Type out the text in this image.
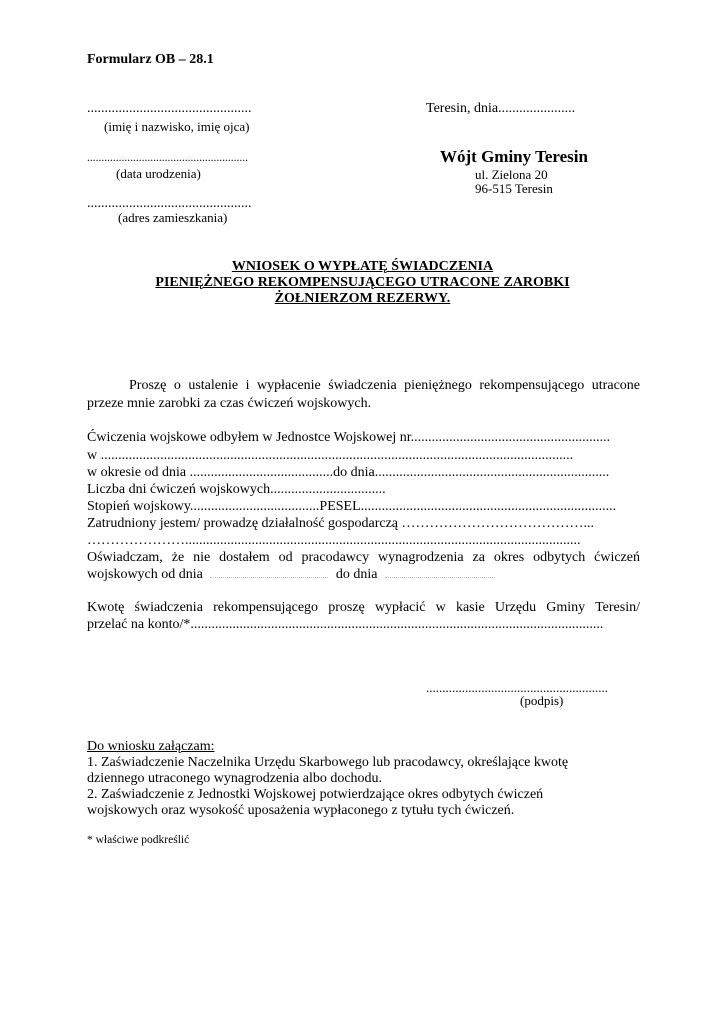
Formularz OB – 28.1
...............................................
(imię i nazwisko, imię ojca)
........................................................
(data urodzenia)
...............................................
(adres zamieszkania)
Teresin, dnia......................
Wójt Gminy Teresin
ul. Zielona 20
96-515 Teresin
WNIOSEK O WYPŁATĘ ŚWIADCZENIA
PIENIĘŻNEGO REKOMPENSUJĄCEGO UTRACONE ZAROBKI
ŻOŁNIERZOM REZERWY.
Proszę o ustalenie i wypłacenie świadczenia pieniężnego rekompensującego utracone
przeze mnie zarobki za czas ćwiczeń wojskowych.
Ćwiczenia wojskowe odbyłem w Jednostce Wojskowej nr.........................................................
w .......................................................................................................................................
w okresie od dnia .........................................do dnia...................................................................
Liczba dni ćwiczeń wojskowych.................................
Stopień wojskowy.....................................PESEL.........................................................................
Zatrudniony jestem/ prowadzę działalność gospodarczą …………………………………...
………………….................................................................................................................
Oświadczam, że nie dostałem od pracodawcy wynagrodzenia za okres odbytych ćwiczeń
wojskowych od dnia	do dnia
Kwotę świadczenia rekompensującego proszę wypłacić w kasie Urzędu Gminy Teresin/
przelać na konto/*......................................................................................................................
........................................................
(podpis)
Do wniosku załączam:
1. Zaświadczenie Naczelnika Urzędu Skarbowego lub pracodawcy, określające kwotę
dziennego utraconego wynagrodzenia albo dochodu.
2. Zaświadczenie z Jednostki Wojskowej potwierdzające okres odbytych ćwiczeń
wojskowych oraz wysokość uposażenia wypłaconego z tytułu tych ćwiczeń.
* właściwe podkreślić
